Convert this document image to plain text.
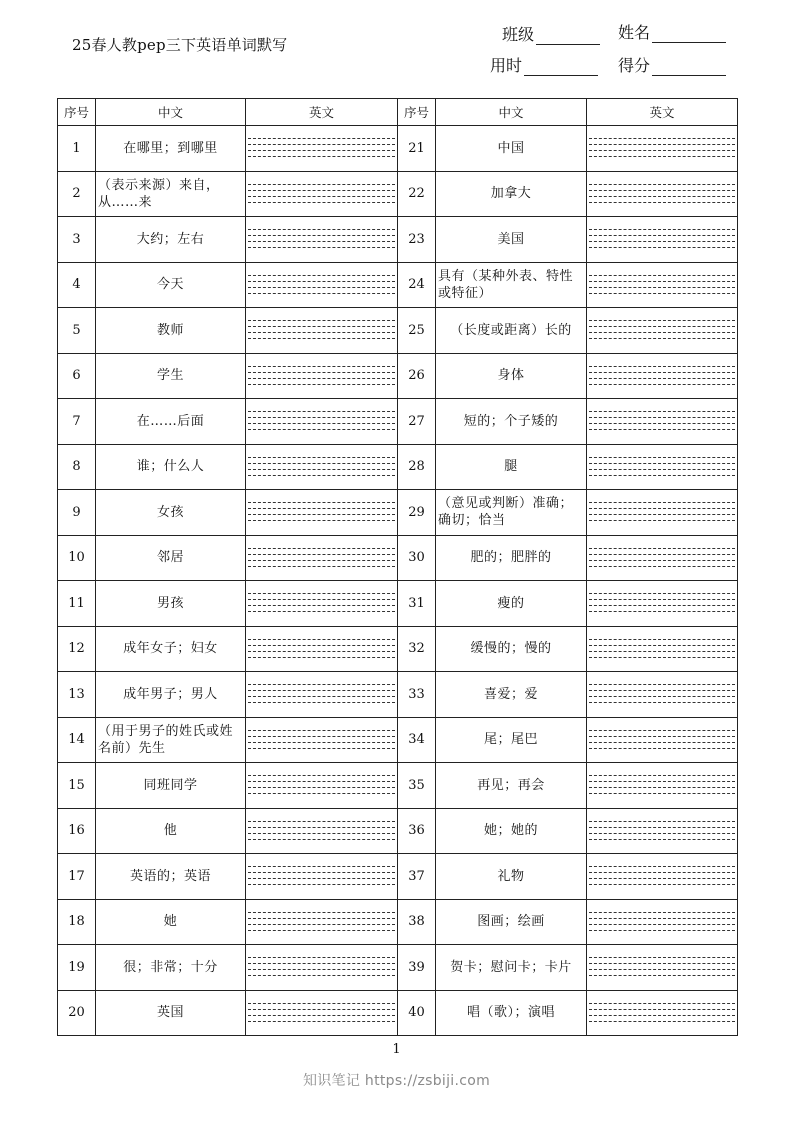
25春人教pep三下英语单词默写
班级	姓名
用时	得分
序号	中文	英文	序号	中文	英文
1	在哪里；到哪里		21	中国	

2	（表示来源）来自，从……来		22	加拿大	

3	大约；左右		23	美国	

4	今天		24	具有（某种外表、特性或特征）	

5	教师		25	（长度或距离）长的	

6	学生		26	身体	

7	在……后面		27	短的；个子矮的	

8	谁；什么人		28	腿	

9	女孩		29	（意见或判断）准确；确切；恰当	

10	邻居		30	肥的；肥胖的	

11	男孩		31	瘦的	

12	成年女子；妇女		32	缓慢的；慢的	

13	成年男子；男人		33	喜爱；爱	

14	（用于男子的姓氏或姓名前）先生		34	尾；尾巴	

15	同班同学		35	再见；再会	

16	他		36	她；她的	

17	英语的；英语		37	礼物	

18	她		38	图画；绘画	

19	很；非常；十分		39	贺卡；慰问卡；卡片	

20	英国		40	唱（歌）；演唱	
1
知识笔记 https://zsbiji.com
